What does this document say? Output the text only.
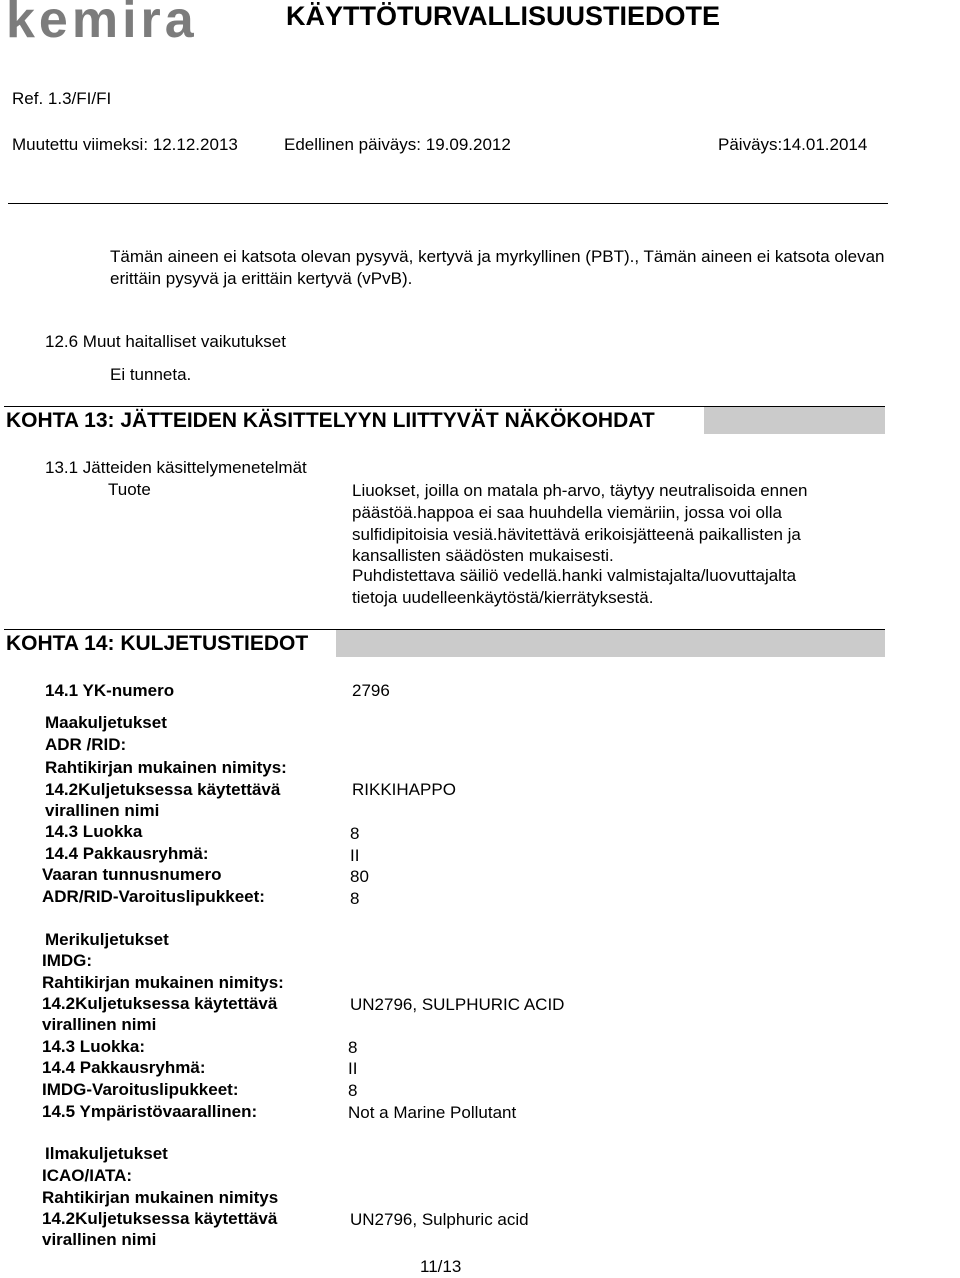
kemira	KÄYTTÖTURVALLISUUSTIEDOTE
Ref. 1.3/FI/FI
Muutettu viimeksi: 12.12.2013	Edellinen päiväys: 19.09.2012	Päiväys:14.01.2014
Tämän aineen ei katsota olevan pysyvä, kertyvä ja myrkyllinen (PBT)., Tämän aineen ei katsota olevan
erittäin pysyvä ja erittäin kertyvä (vPvB).
12.6 Muut haitalliset vaikutukset
Ei tunneta.
KOHTA 13: JÄTTEIDEN KÄSITTELYYN LIITTYVÄT NÄKÖKOHDAT
13.1 Jätteiden käsittelymenetelmät
Tuote	Liuokset, joilla on matala ph-arvo, täytyy neutralisoida ennen
päästöä.happoa ei saa huuhdella viemäriin, jossa voi olla
sulfidipitoisia vesiä.hävitettävä erikoisjätteenä paikallisten ja
kansallisten säädösten mukaisesti.
Puhdistettava säiliö vedellä.hanki valmistajalta/luovuttajalta
tietoja uudelleenkäytöstä/kierrätyksestä.
KOHTA 14: KULJETUSTIEDOT
14.1 YK-numero	2796
Maakuljetukset
ADR /RID:
Rahtikirjan mukainen nimitys:
14.2Kuljetuksessa käytettävä	RIKKIHAPPO
virallinen nimi
14.3 Luokka	8
14.4 Pakkausryhmä:	II
Vaaran tunnusnumero	80
ADR/RID-Varoituslipukkeet:	8
Merikuljetukset
IMDG:
Rahtikirjan mukainen nimitys:
14.2Kuljetuksessa käytettävä	UN2796, SULPHURIC ACID
virallinen nimi
14.3 Luokka:	8
14.4 Pakkausryhmä:	II
IMDG-Varoituslipukkeet:	8
14.5 Ympäristövaarallinen:	Not a Marine Pollutant
Ilmakuljetukset
ICAO/IATA:
Rahtikirjan mukainen nimitys
14.2Kuljetuksessa käytettävä	UN2796, Sulphuric acid
virallinen nimi
11/13
